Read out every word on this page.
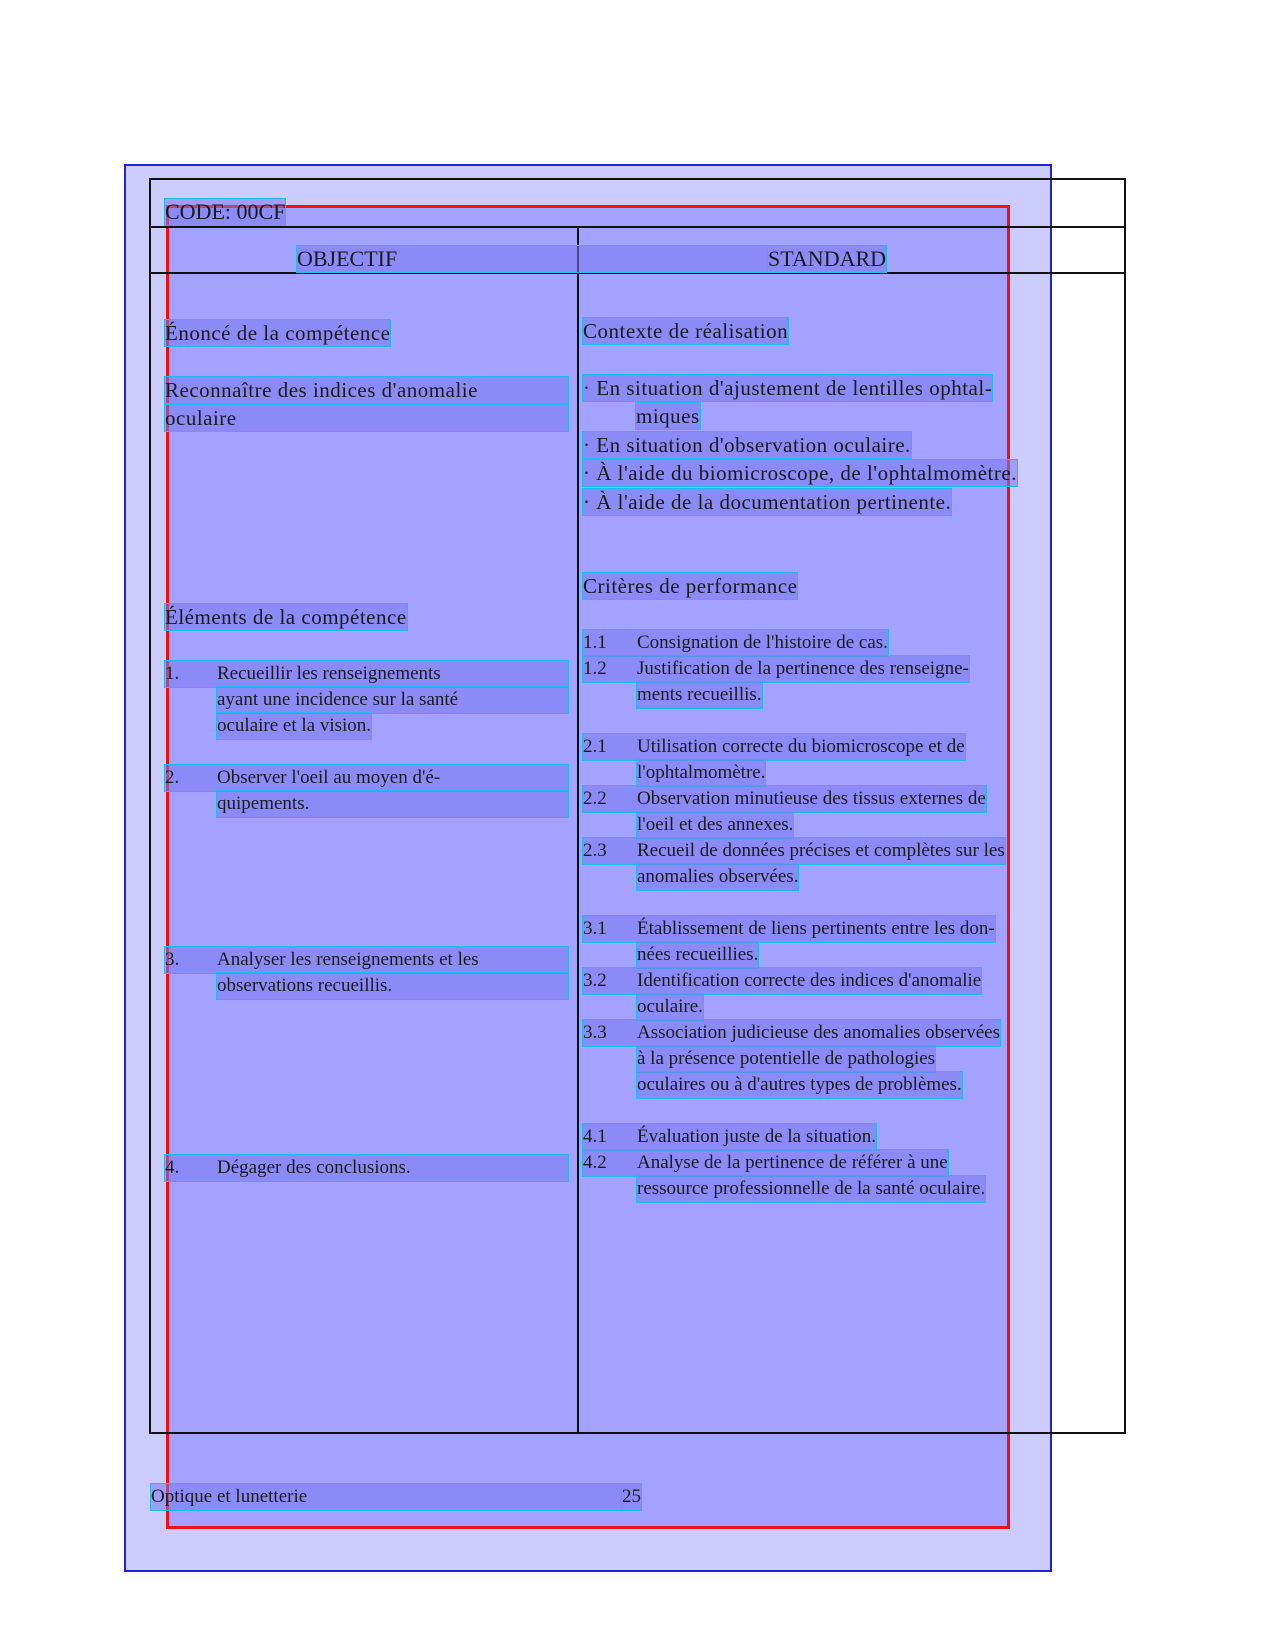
CODE: 00CF
OBJECTIF	STANDARD
Énoncé de la compétence
Reconnaître des indices d'anomalie
oculaire
Éléments de la compétence
1. Recueillir les renseignements
ayant une incidence sur la santé
oculaire et la vision.
2. Observer l'oeil au moyen d'é-
quipements.
3. Analyser les renseignements et les
observations recueillis.
4. Dégager des conclusions.
Contexte de réalisation
· En situation d'ajustement de lentilles ophtal-
miques
· En situation d'observation oculaire.
· À l'aide du biomicroscope, de l'ophtalmomètre.
· À l'aide de la documentation pertinente.
Critères de performance
1.1 Consignation de l'histoire de cas.
1.2 Justification de la pertinence des renseigne-
ments recueillis.
2.1 Utilisation correcte du biomicroscope et de
l'ophtalmomètre.
2.2 Observation minutieuse des tissus externes de
l'oeil et des annexes.
2.3 Recueil de données précises et complètes sur les
anomalies observées.
3.1 Établissement de liens pertinents entre les don-
nées recueillies.
3.2 Identification correcte des indices d'anomalie
oculaire.
3.3 Association judicieuse des anomalies observées
à la présence potentielle de pathologies
oculaires ou à d'autres types de problèmes.
4.1 Évaluation juste de la situation.
4.2 Analyse de la pertinence de référer à une
ressource professionnelle de la santé oculaire.
Optique et lunetterie	25
